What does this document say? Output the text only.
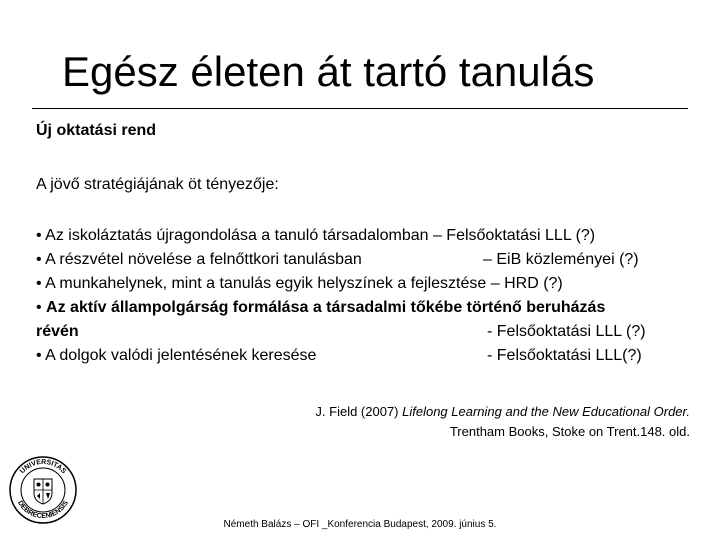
Egész életen át tartó tanulás
Új oktatási rend
A jövő stratégiájának öt tényezője:
• Az iskoláztatás újragondolása a tanuló társadalomban – Felsőoktatási LLL (?)
• A részvétel növelése a felnőttkori tanulásban	– EiB közleményei (?)
• A munkahelynek, mint a tanulás egyik helyszínek a fejlesztése – HRD (?)
• Az aktív állampolgárság formálása a társadalmi tőkébe történő beruházás
révén	- Felsőoktatási LLL (?)
• A dolgok valódi jelentésének keresése	- Felsőoktatási LLL(?)
J. Field (2007) Lifelong Learning and the New Educational Order.
Trentham Books, Stoke on Trent.148. old.
UNIVERSITAS
DEBRECENIENSIS
Németh Balázs – OFI _Konferencia Budapest, 2009. június 5.
